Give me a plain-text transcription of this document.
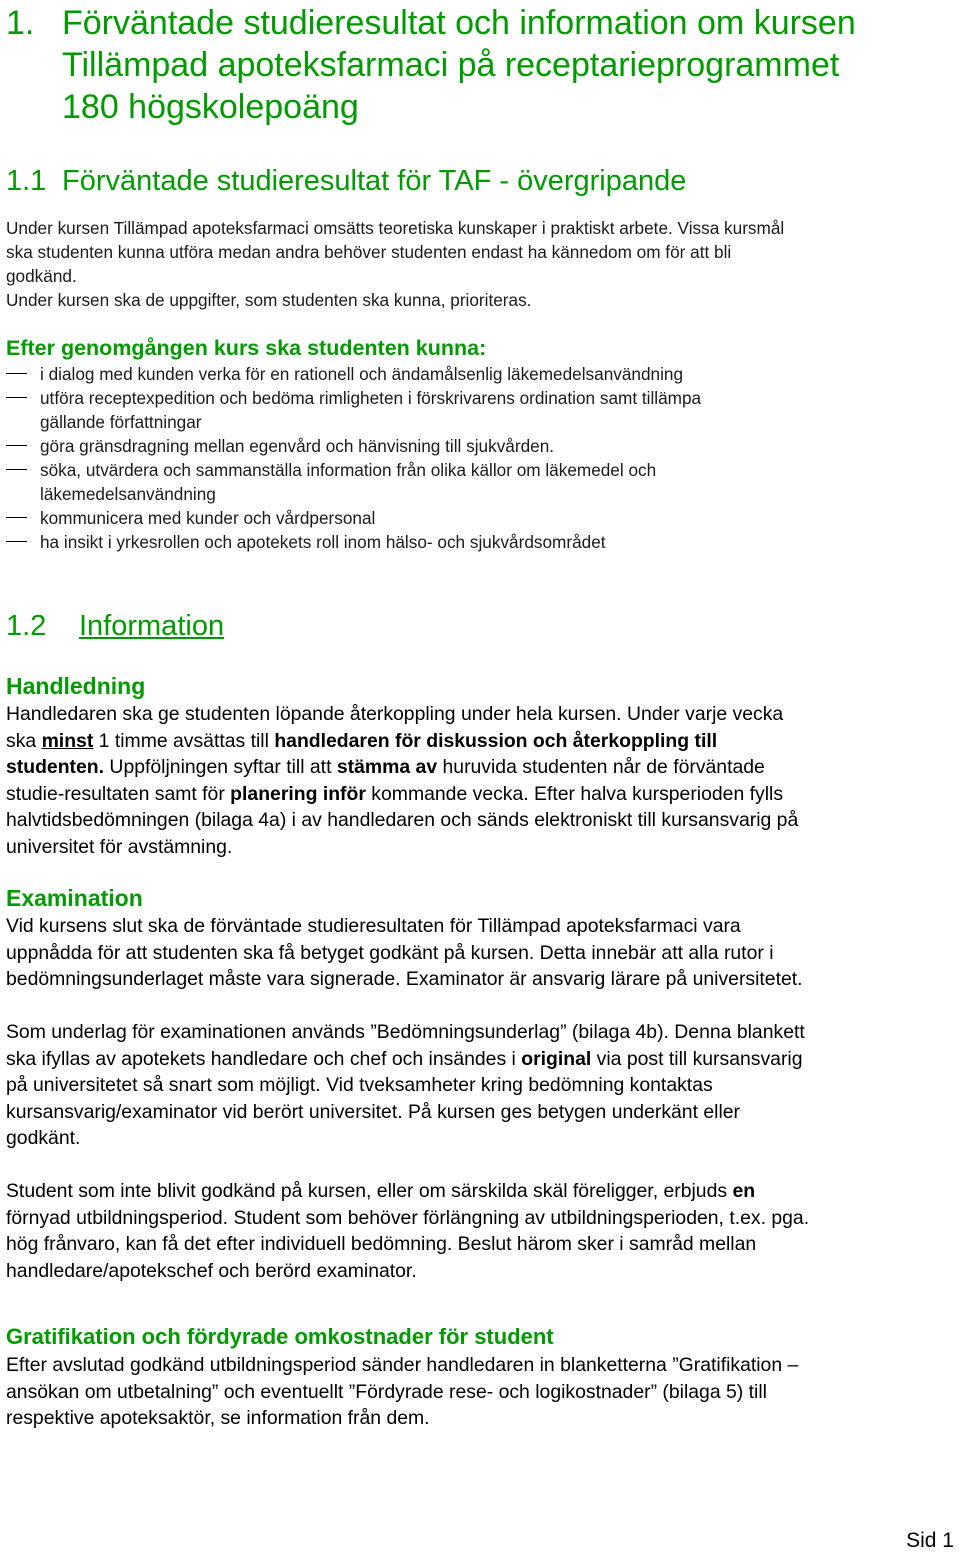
1. Förväntade studieresultat och information om kursen
Tillämpad apoteksfarmaci på receptarieprogrammet
180 högskolepoäng
1.1 Förväntade studieresultat för TAF - övergripande
Under kursen Tillämpad apoteksfarmaci omsätts teoretiska kunskaper i praktiskt arbete. Vissa kursmål
ska studenten kunna utföra medan andra behöver studenten endast ha kännedom om för att bli
godkänd.
Under kursen ska de uppgifter, som studenten ska kunna, prioriteras.
Efter genomgången kurs ska studenten kunna:
i dialog med kunden verka för en rationell och ändamålsenlig läkemedelsanvändning
utföra receptexpedition och bedöma rimligheten i förskrivarens ordination samt tillämpa
gällande författningar
göra gränsdragning mellan egenvård och hänvisning till sjukvården.
söka, utvärdera och sammanställa information från olika källor om läkemedel och
läkemedelsanvändning
kommunicera med kunder och vårdpersonal
ha insikt i yrkesrollen och apotekets roll inom hälso- och sjukvårdsområdet
1.2 Information
Handledning
Handledaren ska ge studenten löpande återkoppling under hela kursen. Under varje vecka
ska minst 1 timme avsättas till handledaren för diskussion och återkoppling till
studenten. Uppföljningen syftar till att stämma av huruvida studenten når de förväntade
studie-resultaten samt för planering inför kommande vecka. Efter halva kursperioden fylls
halvtidsbedömningen (bilaga 4a) i av handledaren och sänds elektroniskt till kursansvarig på
universitet för avstämning.
Examination
Vid kursens slut ska de förväntade studieresultaten för Tillämpad apoteksfarmaci vara
uppnådda för att studenten ska få betyget godkänt på kursen. Detta innebär att alla rutor i
bedömningsunderlaget måste vara signerade. Examinator är ansvarig lärare på universitetet.
Som underlag för examinationen används ”Bedömningsunderlag” (bilaga 4b). Denna blankett
ska ifyllas av apotekets handledare och chef och insändes i original via post till kursansvarig
på universitetet så snart som möjligt. Vid tveksamheter kring bedömning kontaktas
kursansvarig/examinator vid berört universitet. På kursen ges betygen underkänt eller
godkänt.
Student som inte blivit godkänd på kursen, eller om särskilda skäl föreligger, erbjuds en
förnyad utbildningsperiod. Student som behöver förlängning av utbildningsperioden, t.ex. pga.
hög frånvaro, kan få det efter individuell bedömning. Beslut härom sker i samråd mellan
handledare/apotekschef och berörd examinator.
Gratifikation och fördyrade omkostnader för student
Efter avslutad godkänd utbildningsperiod sänder handledaren in blanketterna ”Gratifikation –
ansökan om utbetalning” och eventuellt ”Fördyrade rese- och logikostnader” (bilaga 5) till
respektive apoteksaktör, se information från dem.
Sid 1
